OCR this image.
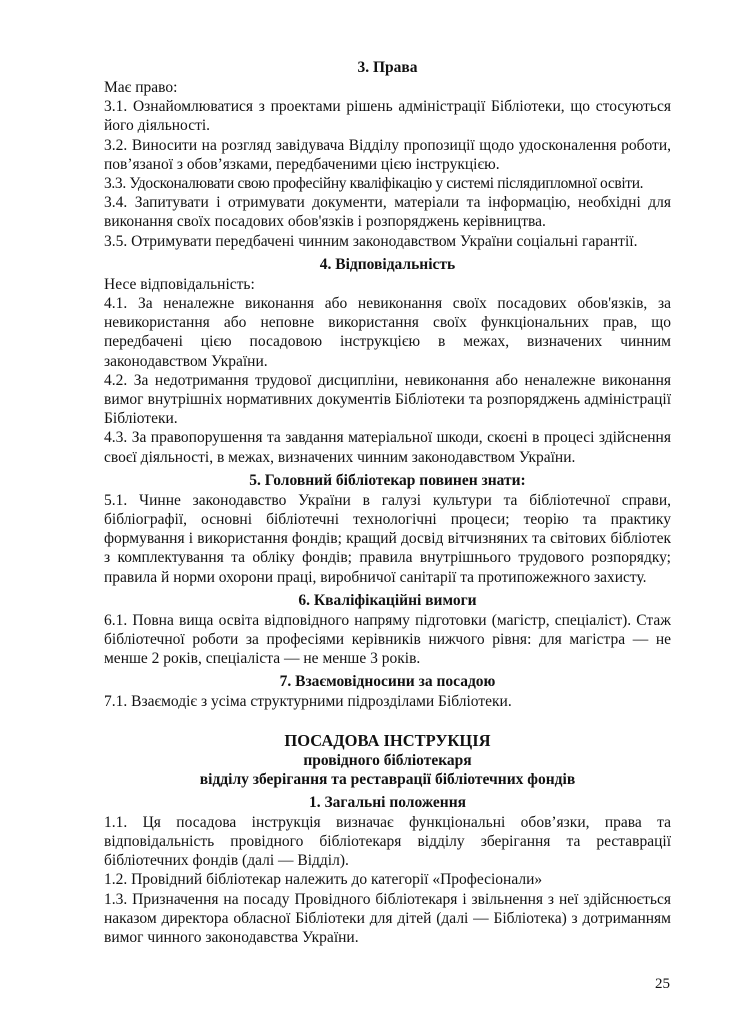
3. Права

Має право:

3.1. Ознайомлюватися з проектами рішень адміністрації Бібліотеки, що стосуються його діяльності.

3.2. Виносити на розгляд завідувача Відділу пропозиції щодо удосконалення роботи, пов’язаної з обов’язками, передбаченими цією інструкцією.

3.3. Удосконалювати свою професійну кваліфікацію у системі післядипломної освіти.

3.4. Запитувати і отримувати документи, матеріали та інформацію, необхідні для виконання своїх посадових обов'язків і розпоряджень керівництва.

3.5. Отримувати передбачені чинним законодавством України соціальні гарантії.

4. Відповідальність

Несе відповідальність:

4.1. За неналежне виконання або невиконання своїх посадових обов'язків, за невикористання або неповне використання своїх функціональних прав, що передбачені цією посадовою інструкцією в межах, визначених чинним законодавством України.

4.2. За недотримання трудової дисципліни, невиконання або неналежне виконання вимог внутрішніх нормативних документів Бібліотеки та розпоряджень адміністрації Бібліотеки.

4.3. За правопорушення та завдання матеріальної шкоди, скоєні в процесі здійснення своєї діяльності, в межах, визначених чинним законодавством України.

5. Головний бібліотекар повинен знати:

5.1. Чинне законодавство України в галузі культури та бібліотечної справи, бібліографії, основні бібліотечні технологічні процеси; теорію та практику формування і використання фондів; кращий досвід вітчизняних та світових бібліотек з комплектування та обліку фондів; правила внутрішнього трудового розпорядку; правила й норми охорони праці, виробничої санітарії та протипожежного захисту.

6. Кваліфікаційні вимоги

6.1. Повна вища освіта відповідного напряму підготовки (магістр, спеціаліст). Стаж бібліотечної роботи за професіями керівників нижчого рівня: для магістра — не менше 2 років, спеціаліста — не менше 3 років.

7. Взаємовідносини за посадою

7.1. Взаємодіє з усіма структурними підрозділами Бібліотеки.

ПОСАДОВА ІНСТРУКЦІЯ
провідного бібліотекаря
відділу зберігання та реставрації бібліотечних фондів
1. Загальні положення

1.1. Ця посадова інструкція визначає функціональні обов’язки, права та відповідальність провідного бібліотекаря відділу зберігання та реставрації бібліотечних фондів (далі — Відділ).

1.2. Провідний бібліотекар належить до категорії «Професіонали»

1.3. Призначення на посаду Провідного бібліотекаря і звільнення з неї здійснюється наказом директора обласної Бібліотеки для дітей (далі — Бібліотека) з дотриманням вимог чинного законодавства України.

25
